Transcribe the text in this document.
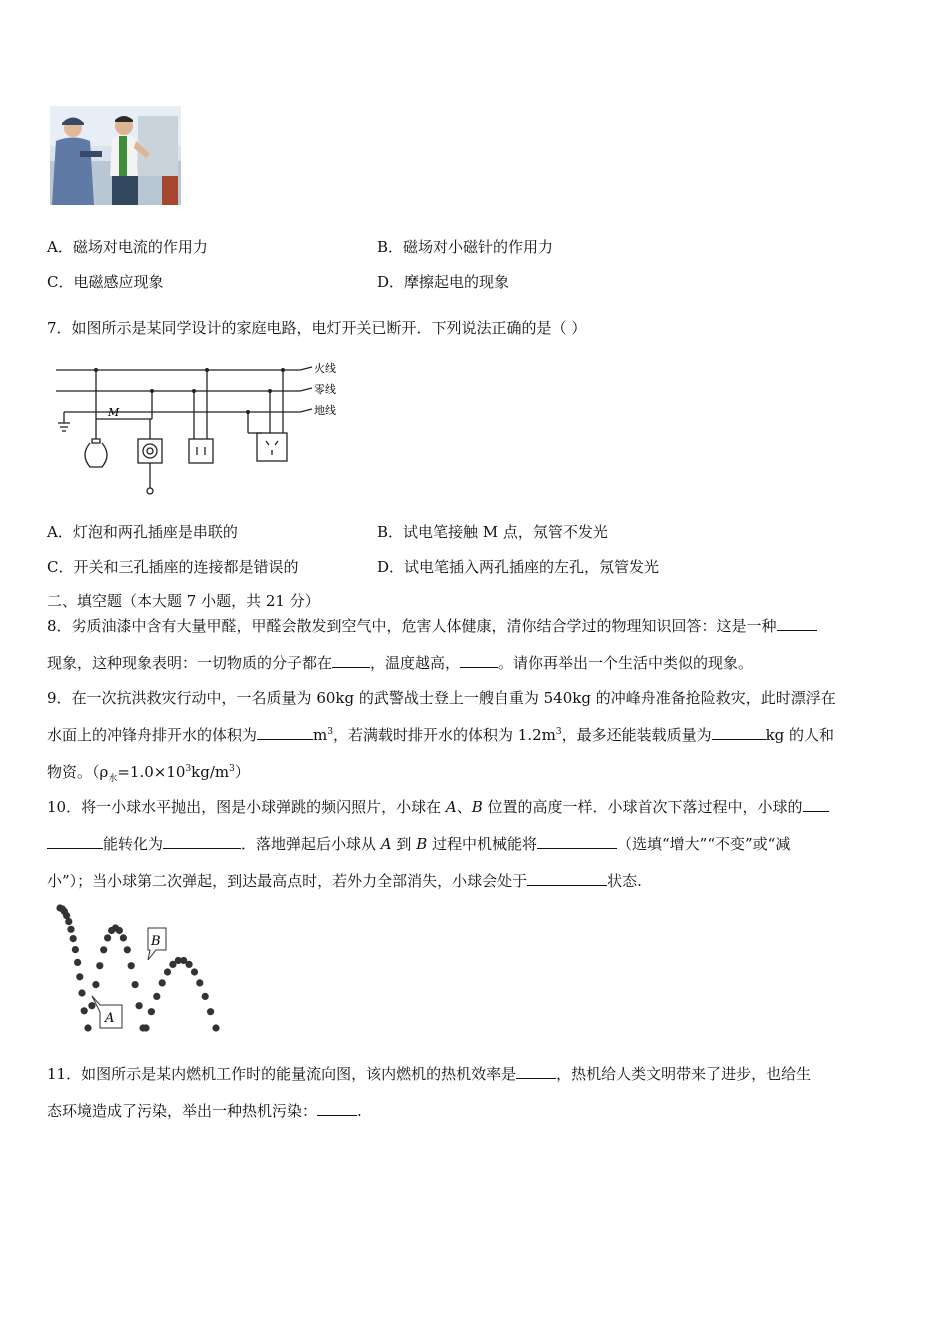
A．磁场对电流的作用力	B．磁场对小磁针的作用力
C．电磁感应现象	D．摩擦起电的现象
7．如图所示是某同学设计的家庭电路，电灯开关已断开．下列说法正确的是（ ）
火线
零线
地线
M
A．灯泡和两孔插座是串联的	B．试电笔接触 M 点，氖管不发光
C．开关和三孔插座的连接都是错误的	D．试电笔插入两孔插座的左孔，氖管发光
二、填空题（本大题 7 小题，共 21 分）
8．劣质油漆中含有大量甲醛，甲醛会散发到空气中，危害人体健康，清你结合学过的物理知识回答：这是一种
现象，这种现象表明：一切物质的分子都在	，温度越高，	。请你再举出一个生活中类似的现象。
9．在一次抗洪救灾行动中，一名质量为 60kg 的武警战士登上一艘自重为 540kg 的冲峰舟准备抢险救灾，此时漂浮在
水面上的冲锋舟排开水的体积为	$m^3$，若满载时排开水的体积为 $1.2m^3$，最多还能装载质量为	kg 的人和
物资。$(\rho_水=1.0\times 10^3kg/m^3)$
10．将一小球水平抛出，图是小球弹跳的频闪照片，小球在 A、B 位置的高度一样．小球首次下落过程中，小球的
能转化为	．落地弹起后小球从 A 到 B 过程中机械能将	（选填“增大”“不变”或“减
小”）；当小球第二次弹起，到达最高点时，若外力全部消失，小球会处于	状态.
B
A
11．如图所示是某内燃机工作时的能量流向图，该内燃机的热机效率是	，热机给人类文明带来了进步，也给生
态环境造成了污染，举出一种热机污染：	.
